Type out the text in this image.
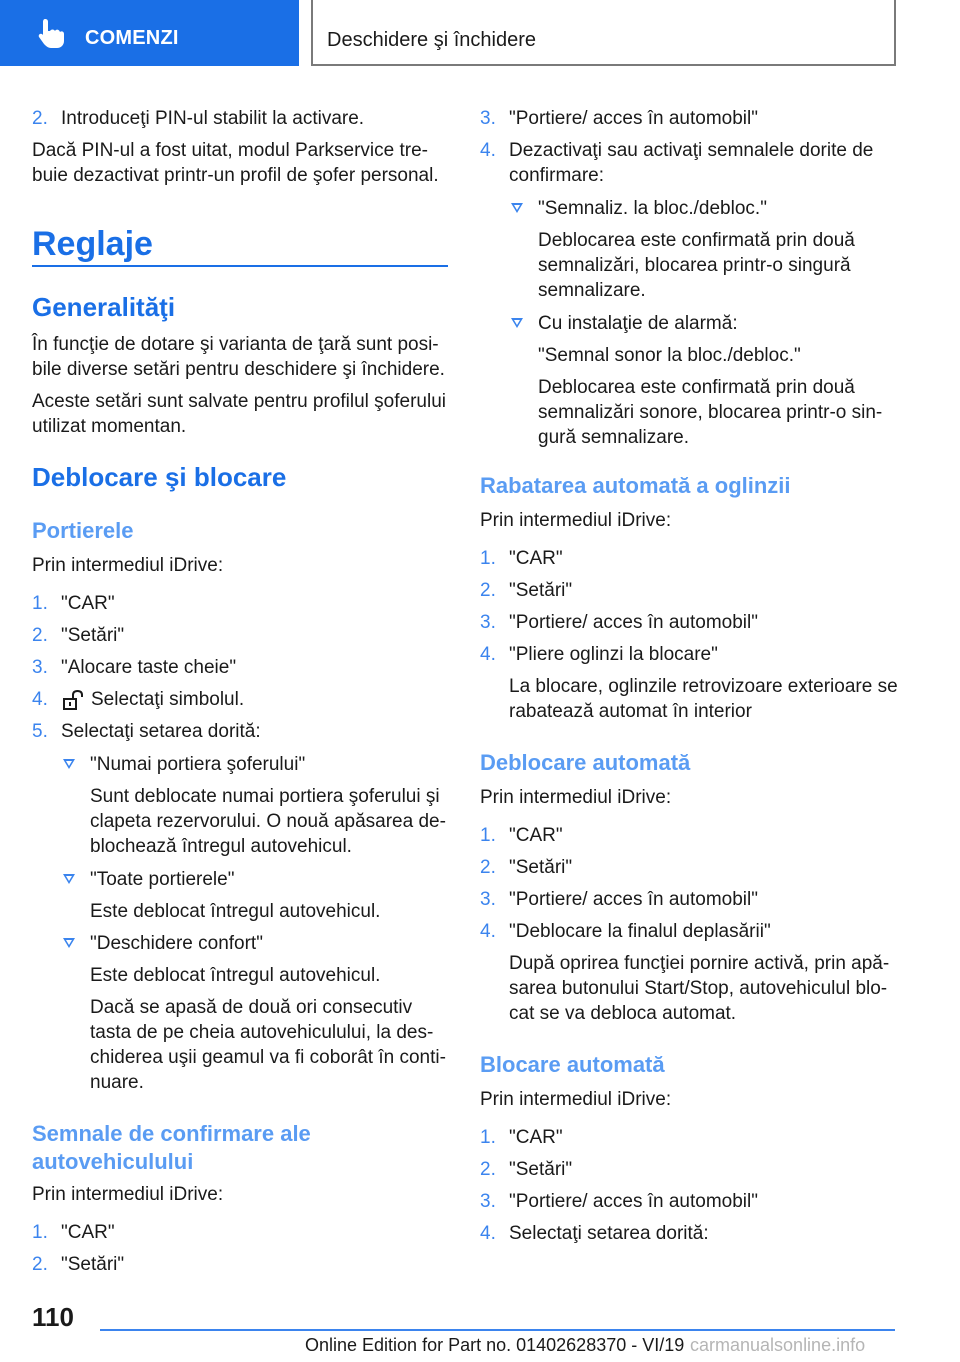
COMENZI	Deschidere şi închidere
2. Introduceţi PIN-ul stabilit la activare.
Dacă PIN-ul a fost uitat, modul Parkservice tre-
buie dezactivat printr-un profil de şofer personal.
Reglaje
Generalităţi
În funcţie de dotare şi varianta de ţară sunt posi-
bile diverse setări pentru deschidere şi închidere.
Aceste setări sunt salvate pentru profilul şoferului
utilizat momentan.
Deblocare şi blocare
Portierele
Prin intermediul iDrive:
1. "CAR"
2. "Setări"
3. "Alocare taste cheie"
4. Selectaţi simbolul.
5. Selectaţi setarea dorită:
"Numai portiera şoferului"
Sunt deblocate numai portiera şoferului şi
clapeta rezervorului. O nouă apăsarea de-
blochează întregul autovehicul.
"Toate portierele"
Este deblocat întregul autovehicul.
"Deschidere confort"
Este deblocat întregul autovehicul.
Dacă se apasă de două ori consecutiv
tasta de pe cheia autovehiculului, la des-
chiderea uşii geamul va fi coborât în conti-
nuare.
Semnale de confirmare ale
autovehiculului
Prin intermediul iDrive:
1. "CAR"
2. "Setări"
3. "Portiere/ acces în automobil"
4. Dezactivaţi sau activaţi semnalele dorite de
confirmare:
"Semnaliz. la bloc./debloc."
Deblocarea este confirmată prin două
semnalizări, blocarea printr-o singură
semnalizare.
Cu instalaţie de alarmă:
"Semnal sonor la bloc./debloc."
Deblocarea este confirmată prin două
semnalizări sonore, blocarea printr-o sin-
gură semnalizare.
Rabatarea automată a oglinzii
Prin intermediul iDrive:
1. "CAR"
2. "Setări"
3. "Portiere/ acces în automobil"
4. "Pliere oglinzi la blocare"
La blocare, oglinzile retrovizoare exterioare se
rabatează automat în interior
Deblocare automată
Prin intermediul iDrive:
1. "CAR"
2. "Setări"
3. "Portiere/ acces în automobil"
4. "Deblocare la finalul deplasării"
După oprirea funcţiei pornire activă, prin apă-
sarea butonului Start/Stop, autovehiculul blo-
cat se va debloca automat.
Blocare automată
Prin intermediul iDrive:
1. "CAR"
2. "Setări"
3. "Portiere/ acces în automobil"
4. Selectaţi setarea dorită:
110
Online Edition for Part no. 01402628370 - VI/19 carmanualsonline.info
